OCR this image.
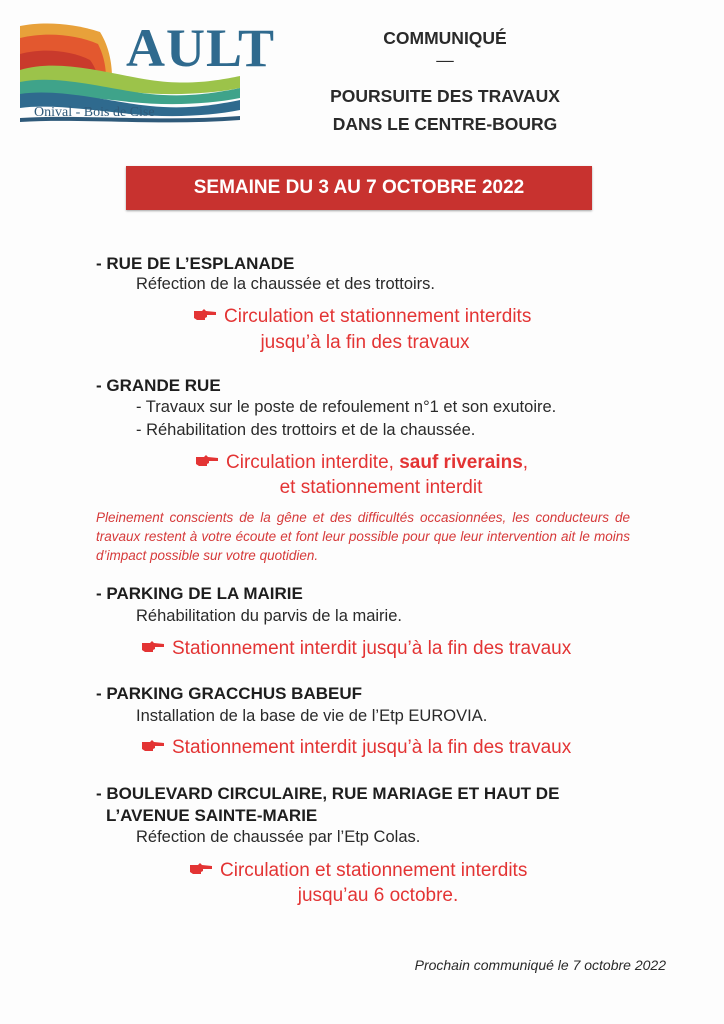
AULT
Onival - Bois de Cise
COMMUNIQUÉ
—
POURSUITE DES TRAVAUX
DANS LE CENTRE-BOURG
SEMAINE DU 3 AU 7 OCTOBRE 2022
- RUE DE L’ESPLANADE
Réfection de la chaussée et des trottoirs.
Circulation et stationnement interdits
jusqu’à la fin des travaux
- GRANDE RUE
- Travaux sur le poste de refoulement n°1 et son exutoire.
- Réhabilitation des trottoirs et de la chaussée.
Circulation interdite, sauf riverains,
et stationnement interdit
Pleinement conscients de la gêne et des difficultés occasionnées, les conducteurs de travaux restent à votre écoute et font leur possible pour que leur intervention ait le moins d’impact possible sur votre quotidien.
- PARKING DE LA MAIRIE
Réhabilitation du parvis de la mairie.
Stationnement interdit jusqu’à la fin des travaux
- PARKING GRACCHUS BABEUF
Installation de la base de vie de l’Etp EUROVIA.
Stationnement interdit jusqu’à la fin des travaux
- BOULEVARD CIRCULAIRE, RUE MARIAGE ET HAUT DE
L’AVENUE SAINTE-MARIE
Réfection de chaussée par l’Etp Colas.
Circulation et stationnement interdits
jusqu’au 6 octobre.
Prochain communiqué le 7 octobre 2022
